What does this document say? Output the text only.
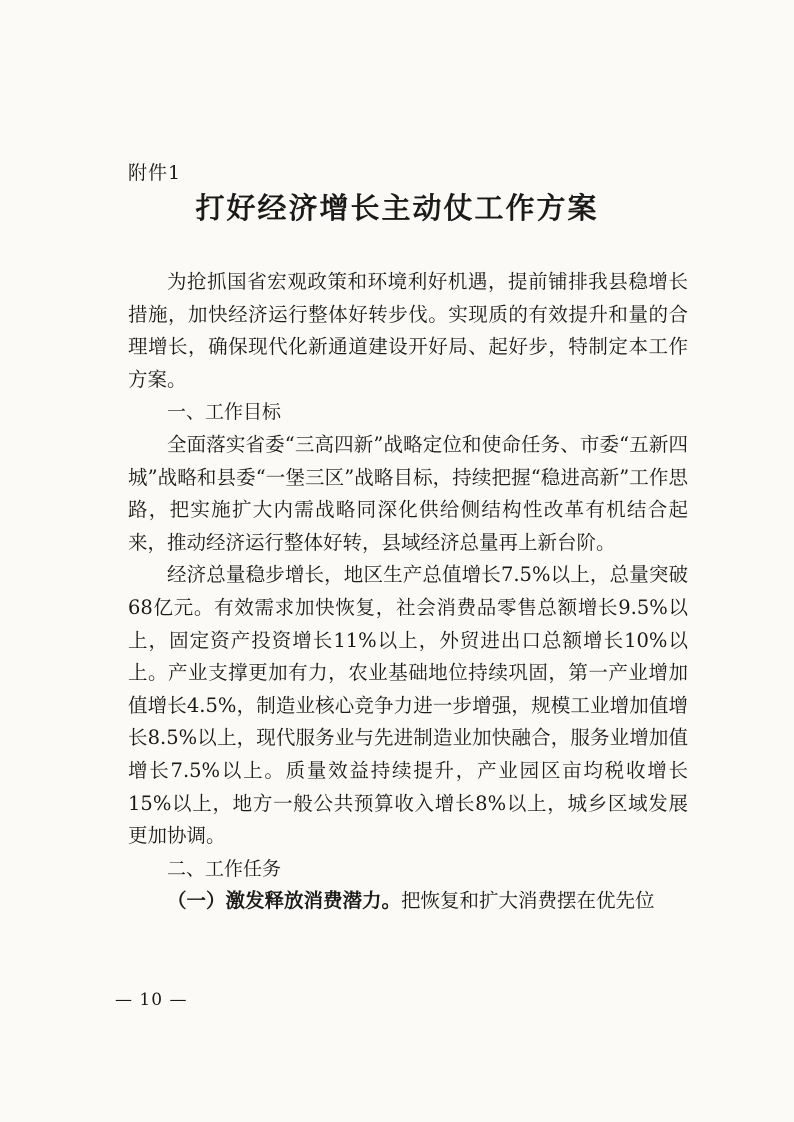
附件1
打好经济增长主动仗工作方案

为抢抓国省宏观政策和环境利好机遇，提前铺排我县稳增长措施，加快经济运行整体好转步伐。实现质的有效提升和量的合理增长，确保现代化新通道建设开好局、起好步，特制定本工作方案。

一、工作目标

全面落实省委“三高四新”战略定位和使命任务、市委“五新四城”战略和县委“一堡三区”战略目标，持续把握“稳进高新”工作思路，把实施扩大内需战略同深化供给侧结构性改革有机结合起来，推动经济运行整体好转，县域经济总量再上新台阶。

经济总量稳步增长，地区生产总值增长7.5%以上，总量突破68亿元。有效需求加快恢复，社会消费品零售总额增长9.5%以上，固定资产投资增长11%以上，外贸进出口总额增长10%以上。产业支撑更加有力，农业基础地位持续巩固，第一产业增加值增长4.5%，制造业核心竞争力进一步增强，规模工业增加值增长8.5%以上，现代服务业与先进制造业加快融合，服务业增加值增长7.5%以上。质量效益持续提升，产业园区亩均税收增长15%以上，地方一般公共预算收入增长8%以上，城乡区域发展更加协调。

二、工作任务

（一）激发释放消费潜力。把恢复和扩大消费摆在优先位

— 10 —
